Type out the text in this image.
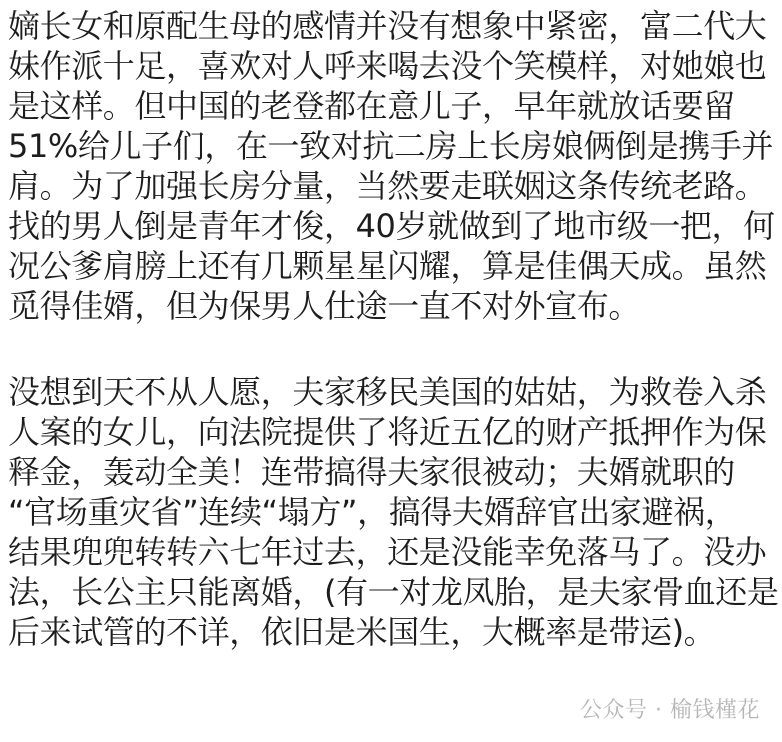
嫡长女和原配生母的感情并没有想象中紧密，富二代大
妹作派十足，喜欢对人呼来喝去没个笑模样，对她娘也
是这样。但中国的老登都在意儿子，早年就放话要留
51%给儿子们，在一致对抗二房上长房娘俩倒是携手并
肩。为了加强长房分量，当然要走联姻这条传统老路。
找的男人倒是青年才俊，40岁就做到了地市级一把，何
况公爹肩膀上还有几颗星星闪耀，算是佳偶天成。虽然
觅得佳婿，但为保男人仕途一直不对外宣布。
没想到天不从人愿，夫家移民美国的姑姑，为救卷入杀
人案的女儿，向法院提供了将近五亿的财产抵押作为保
释金，轰动全美！连带搞得夫家很被动；夫婿就职的
“官场重灾省”连续“塌方”，搞得夫婿辞官出家避祸，
结果兜兜转转六七年过去，还是没能幸免落马了。没办
法，长公主只能离婚，(有一对龙凤胎，是夫家骨血还是
后来试管的不详，依旧是米国生，大概率是带运)。
公众号 · 榆钱槿花
